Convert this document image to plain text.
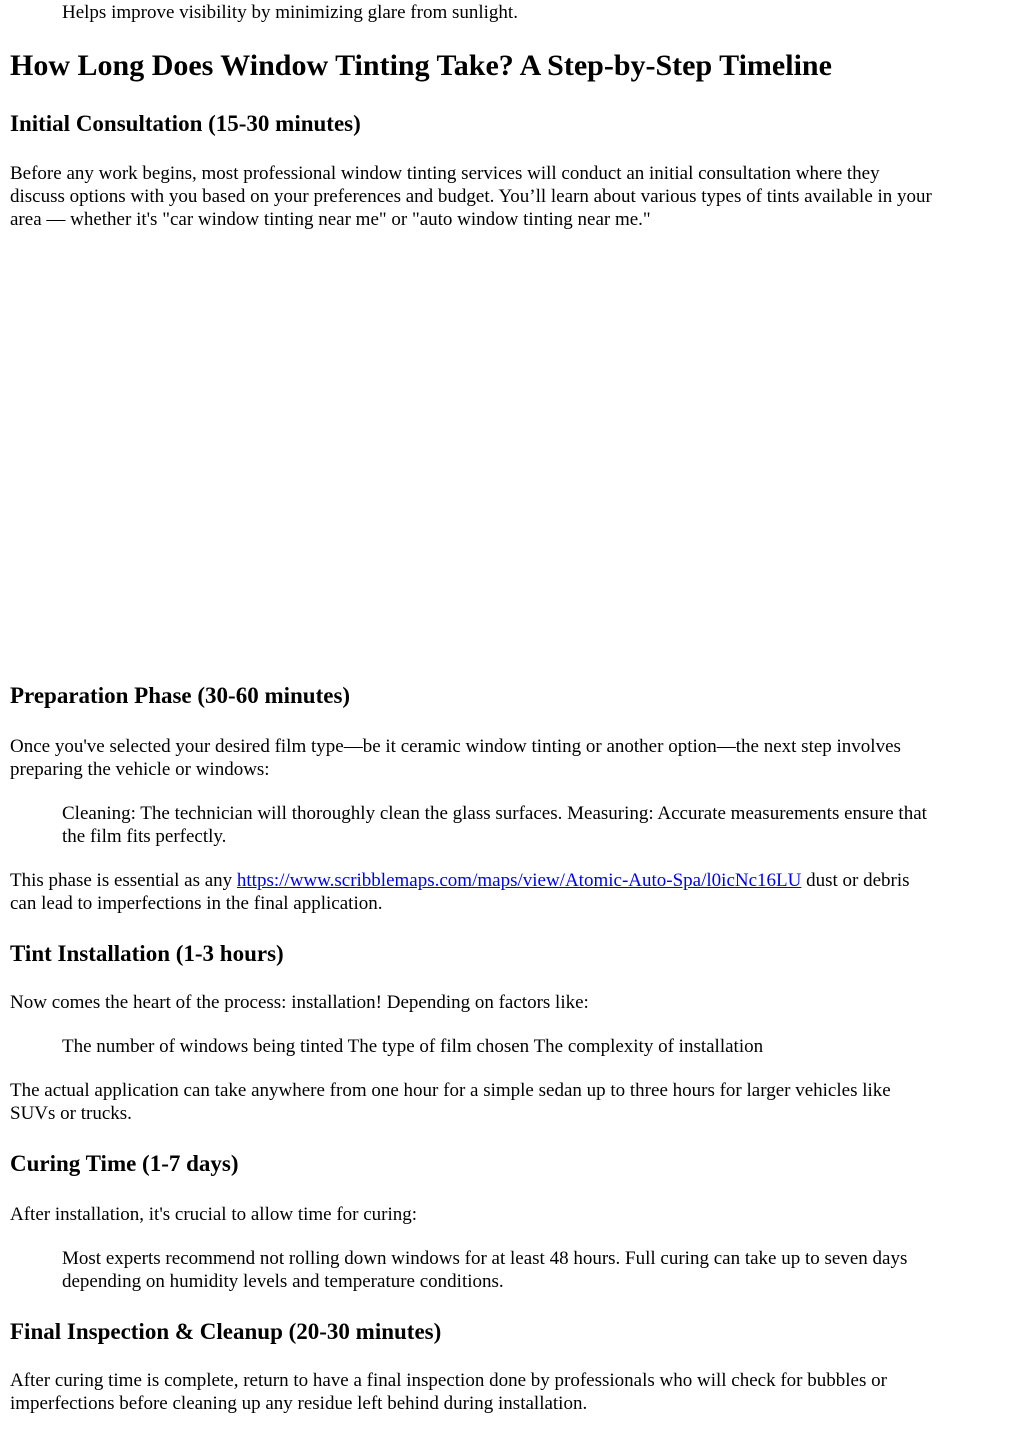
Helps improve visibility by minimizing glare from sunlight.

How Long Does Window Tinting Take? A Step-by-Step Timeline
Initial Consultation (15-30 minutes)

Before any work begins, most professional window tinting services will conduct an initial consultation where they

discuss options with you based on your preferences and budget. You’ll learn about various types of tints available in your

area — whether it's "car window tinting near me" or "auto window tinting near me."

Preparation Phase (30-60 minutes)

Once you've selected your desired film type—be it ceramic window tinting or another option—the next step involves

preparing the vehicle or windows:

Cleaning: The technician will thoroughly clean the glass surfaces. Measuring: Accurate measurements ensure that

the film fits perfectly.

This phase is essential as any https://www.scribblemaps.com/maps/view/Atomic-Auto-Spa/l0icNc16LU dust or debris

can lead to imperfections in the final application.

Tint Installation (1-3 hours)

Now comes the heart of the process: installation! Depending on factors like:

The number of windows being tinted The type of film chosen The complexity of installation

The actual application can take anywhere from one hour for a simple sedan up to three hours for larger vehicles like

SUVs or trucks.

Curing Time (1-7 days)

After installation, it's crucial to allow time for curing:

Most experts recommend not rolling down windows for at least 48 hours. Full curing can take up to seven days

depending on humidity levels and temperature conditions.

Final Inspection & Cleanup (20-30 minutes)

After curing time is complete, return to have a final inspection done by professionals who will check for bubbles or

imperfections before cleaning up any residue left behind during installation.
